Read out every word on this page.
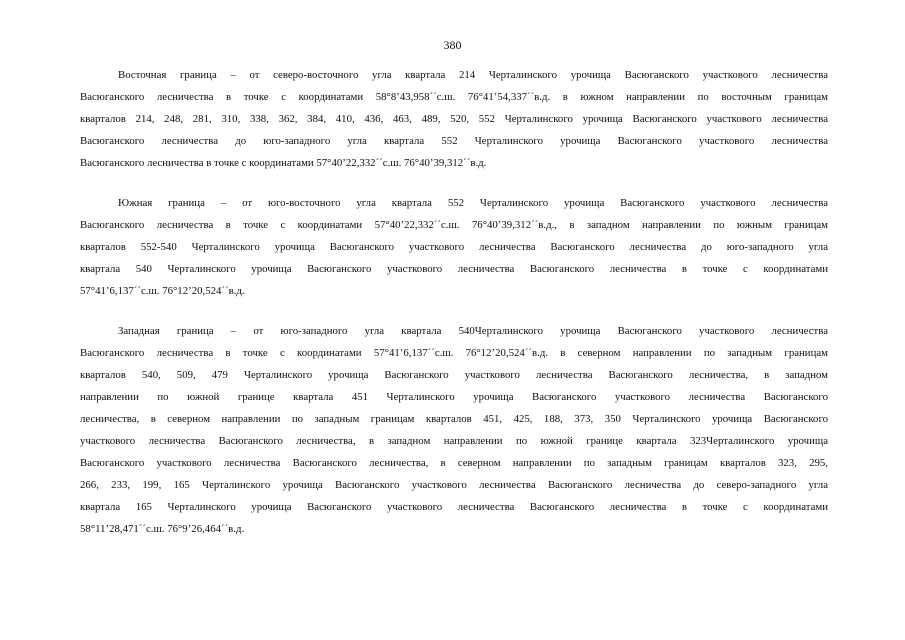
380

Восточная граница – от северо-восточного угла квартала 214 Черталинского урочища Васюганского участкового лесничества
Васюганского лесничества в точке с координатами 58°8’43,958´´с.ш. 76°41’54,337´´в.д. в южном направлении по восточным границам
кварталов 214, 248, 281, 310, 338, 362, 384, 410, 436, 463, 489, 520, 552 Черталинского урочища Васюганского участкового лесничества
Васюганского лесничества до юго-западного угла квартала 552 Черталинского урочища Васюганского участкового лесничества
Васюганского лесничества в точке с координатами 57°40’22,332´´с.ш. 76°40’39,312´´в.д.

Южная граница – от юго-восточного угла квартала 552 Черталинского урочища Васюганского участкового лесничества
Васюганского лесничества в точке с координатами 57°40’22,332´´с.ш. 76°40’39,312´´в.д., в западном направлении по южным границам
кварталов 552-540 Черталинского урочища Васюганского участкового лесничества Васюганского лесничества до юго-западного угла
квартала 540 Черталинского урочища Васюганского участкового лесничества Васюганского лесничества в точке с координатами
57°41’6,137´´с.ш. 76°12’20,524´´в.д.

Западная граница – от юго-западного угла квартала 540Черталинского урочища Васюганского участкового лесничества
Васюганского лесничества в точке с координатами 57°41’6,137´´с.ш. 76°12’20,524´´в.д. в северном направлении по западным границам
кварталов 540, 509, 479 Черталинского урочища Васюганского участкового лесничества Васюганского лесничества, в западном
направлении по южной границе квартала 451 Черталинского урочища Васюганского участкового лесничества Васюганского
лесничества, в северном направлении по западным границам кварталов 451, 425, 188, 373, 350 Черталинского урочища Васюганского
участкового лесничества Васюганского лесничества, в западном направлении по южной границе квартала 323Черталинского урочища
Васюганского участкового лесничества Васюганского лесничества, в северном направлении по западным границам кварталов 323, 295,
266, 233, 199, 165 Черталинского урочища Васюганского участкового лесничества Васюганского лесничества до северо-западного угла
квартала 165 Черталинского урочища Васюганского участкового лесничества Васюганского лесничества в точке с координатами
58°11’28,471´´с.ш. 76°9’26,464´´в.д.
